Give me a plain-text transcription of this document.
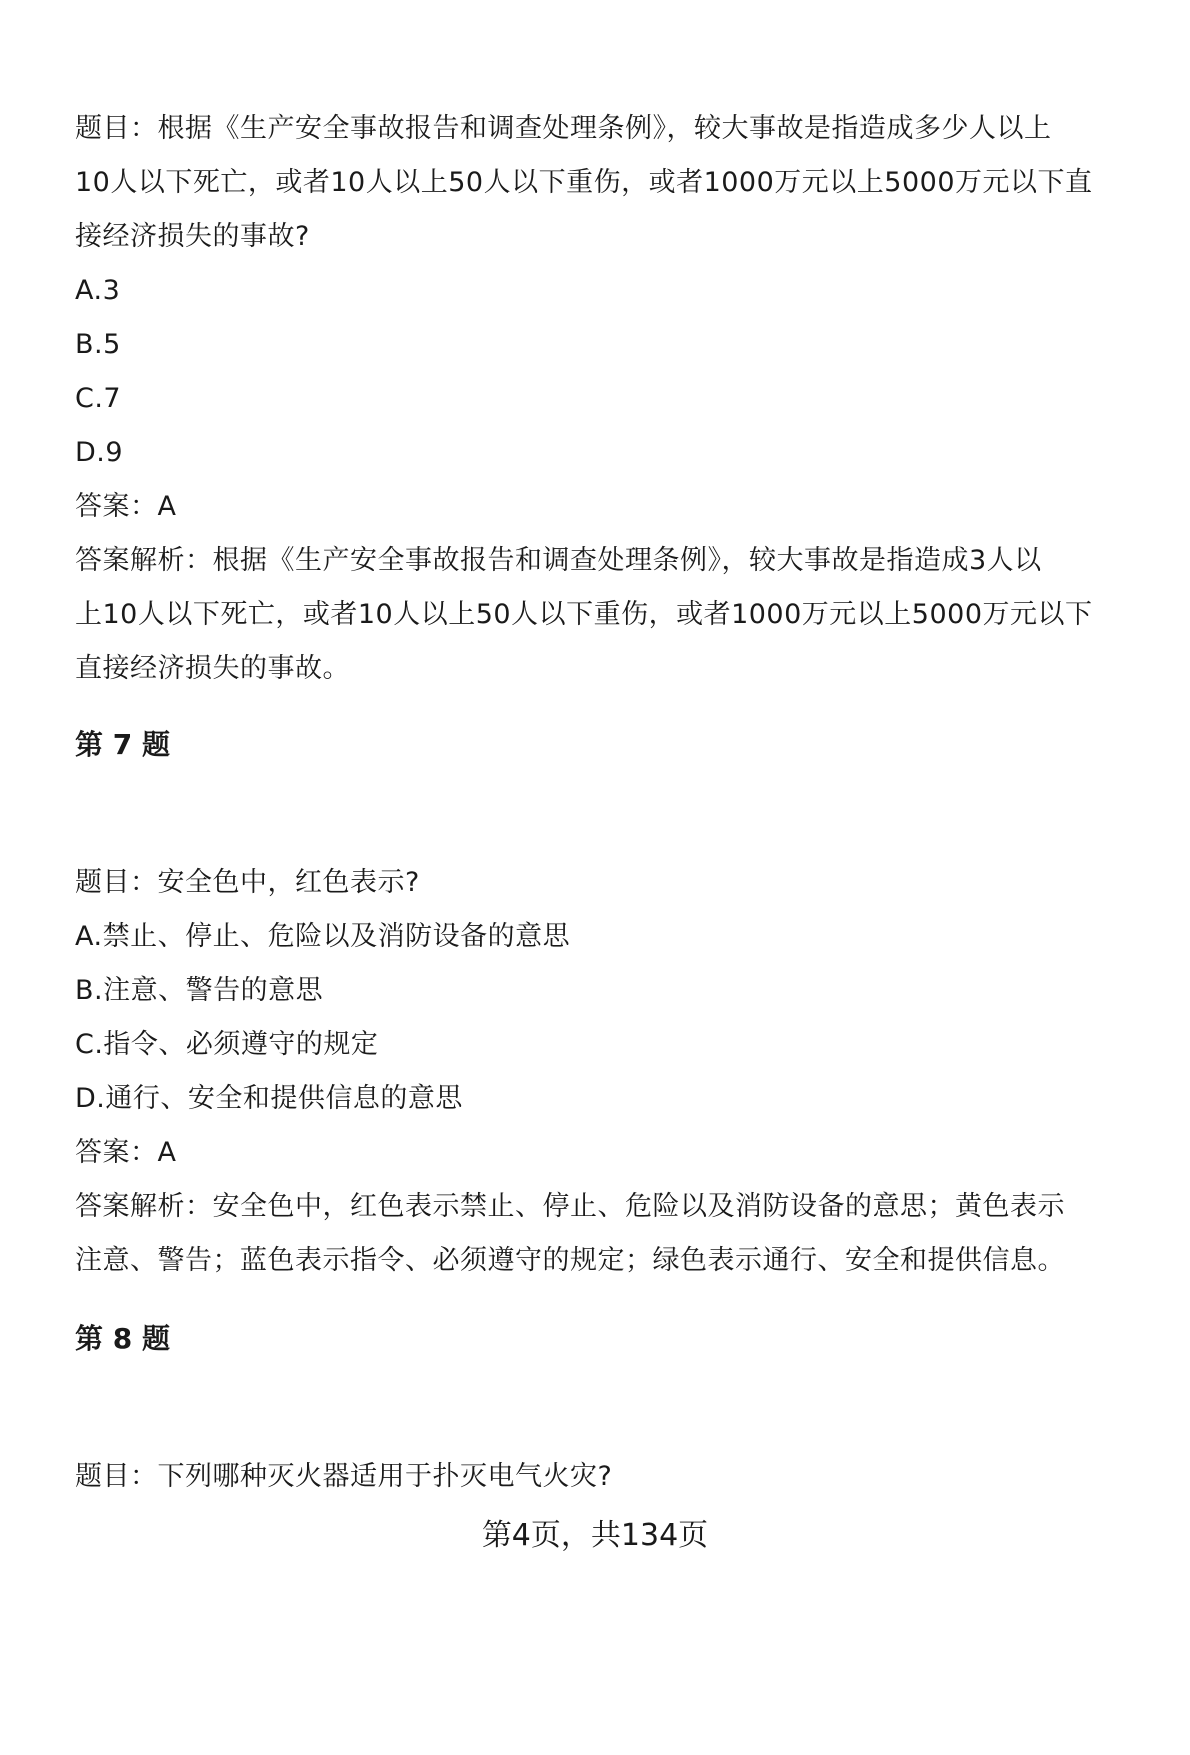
题目：根据《生产安全事故报告和调查处理条例》，较大事故是指造成多少人以上
10人以下死亡，或者10人以上50人以下重伤，或者1000万元以上5000万元以下直
接经济损失的事故?
A.3
B.5
C.7
D.9
答案：A
答案解析：根据《生产安全事故报告和调查处理条例》，较大事故是指造成3人以
上10人以下死亡，或者10人以上50人以下重伤，或者1000万元以上5000万元以下
直接经济损失的事故。
第 7 题
题目：安全色中，红色表示?
A.禁止、停止、危险以及消防设备的意思
B.注意、警告的意思
C.指令、必须遵守的规定
D.通行、安全和提供信息的意思
答案：A
答案解析：安全色中，红色表示禁止、停止、危险以及消防设备的意思；黄色表示
注意、警告；蓝色表示指令、必须遵守的规定；绿色表示通行、安全和提供信息。
第 8 题
题目：下列哪种灭火器适用于扑灭电气火灾?
第4页，共134页
